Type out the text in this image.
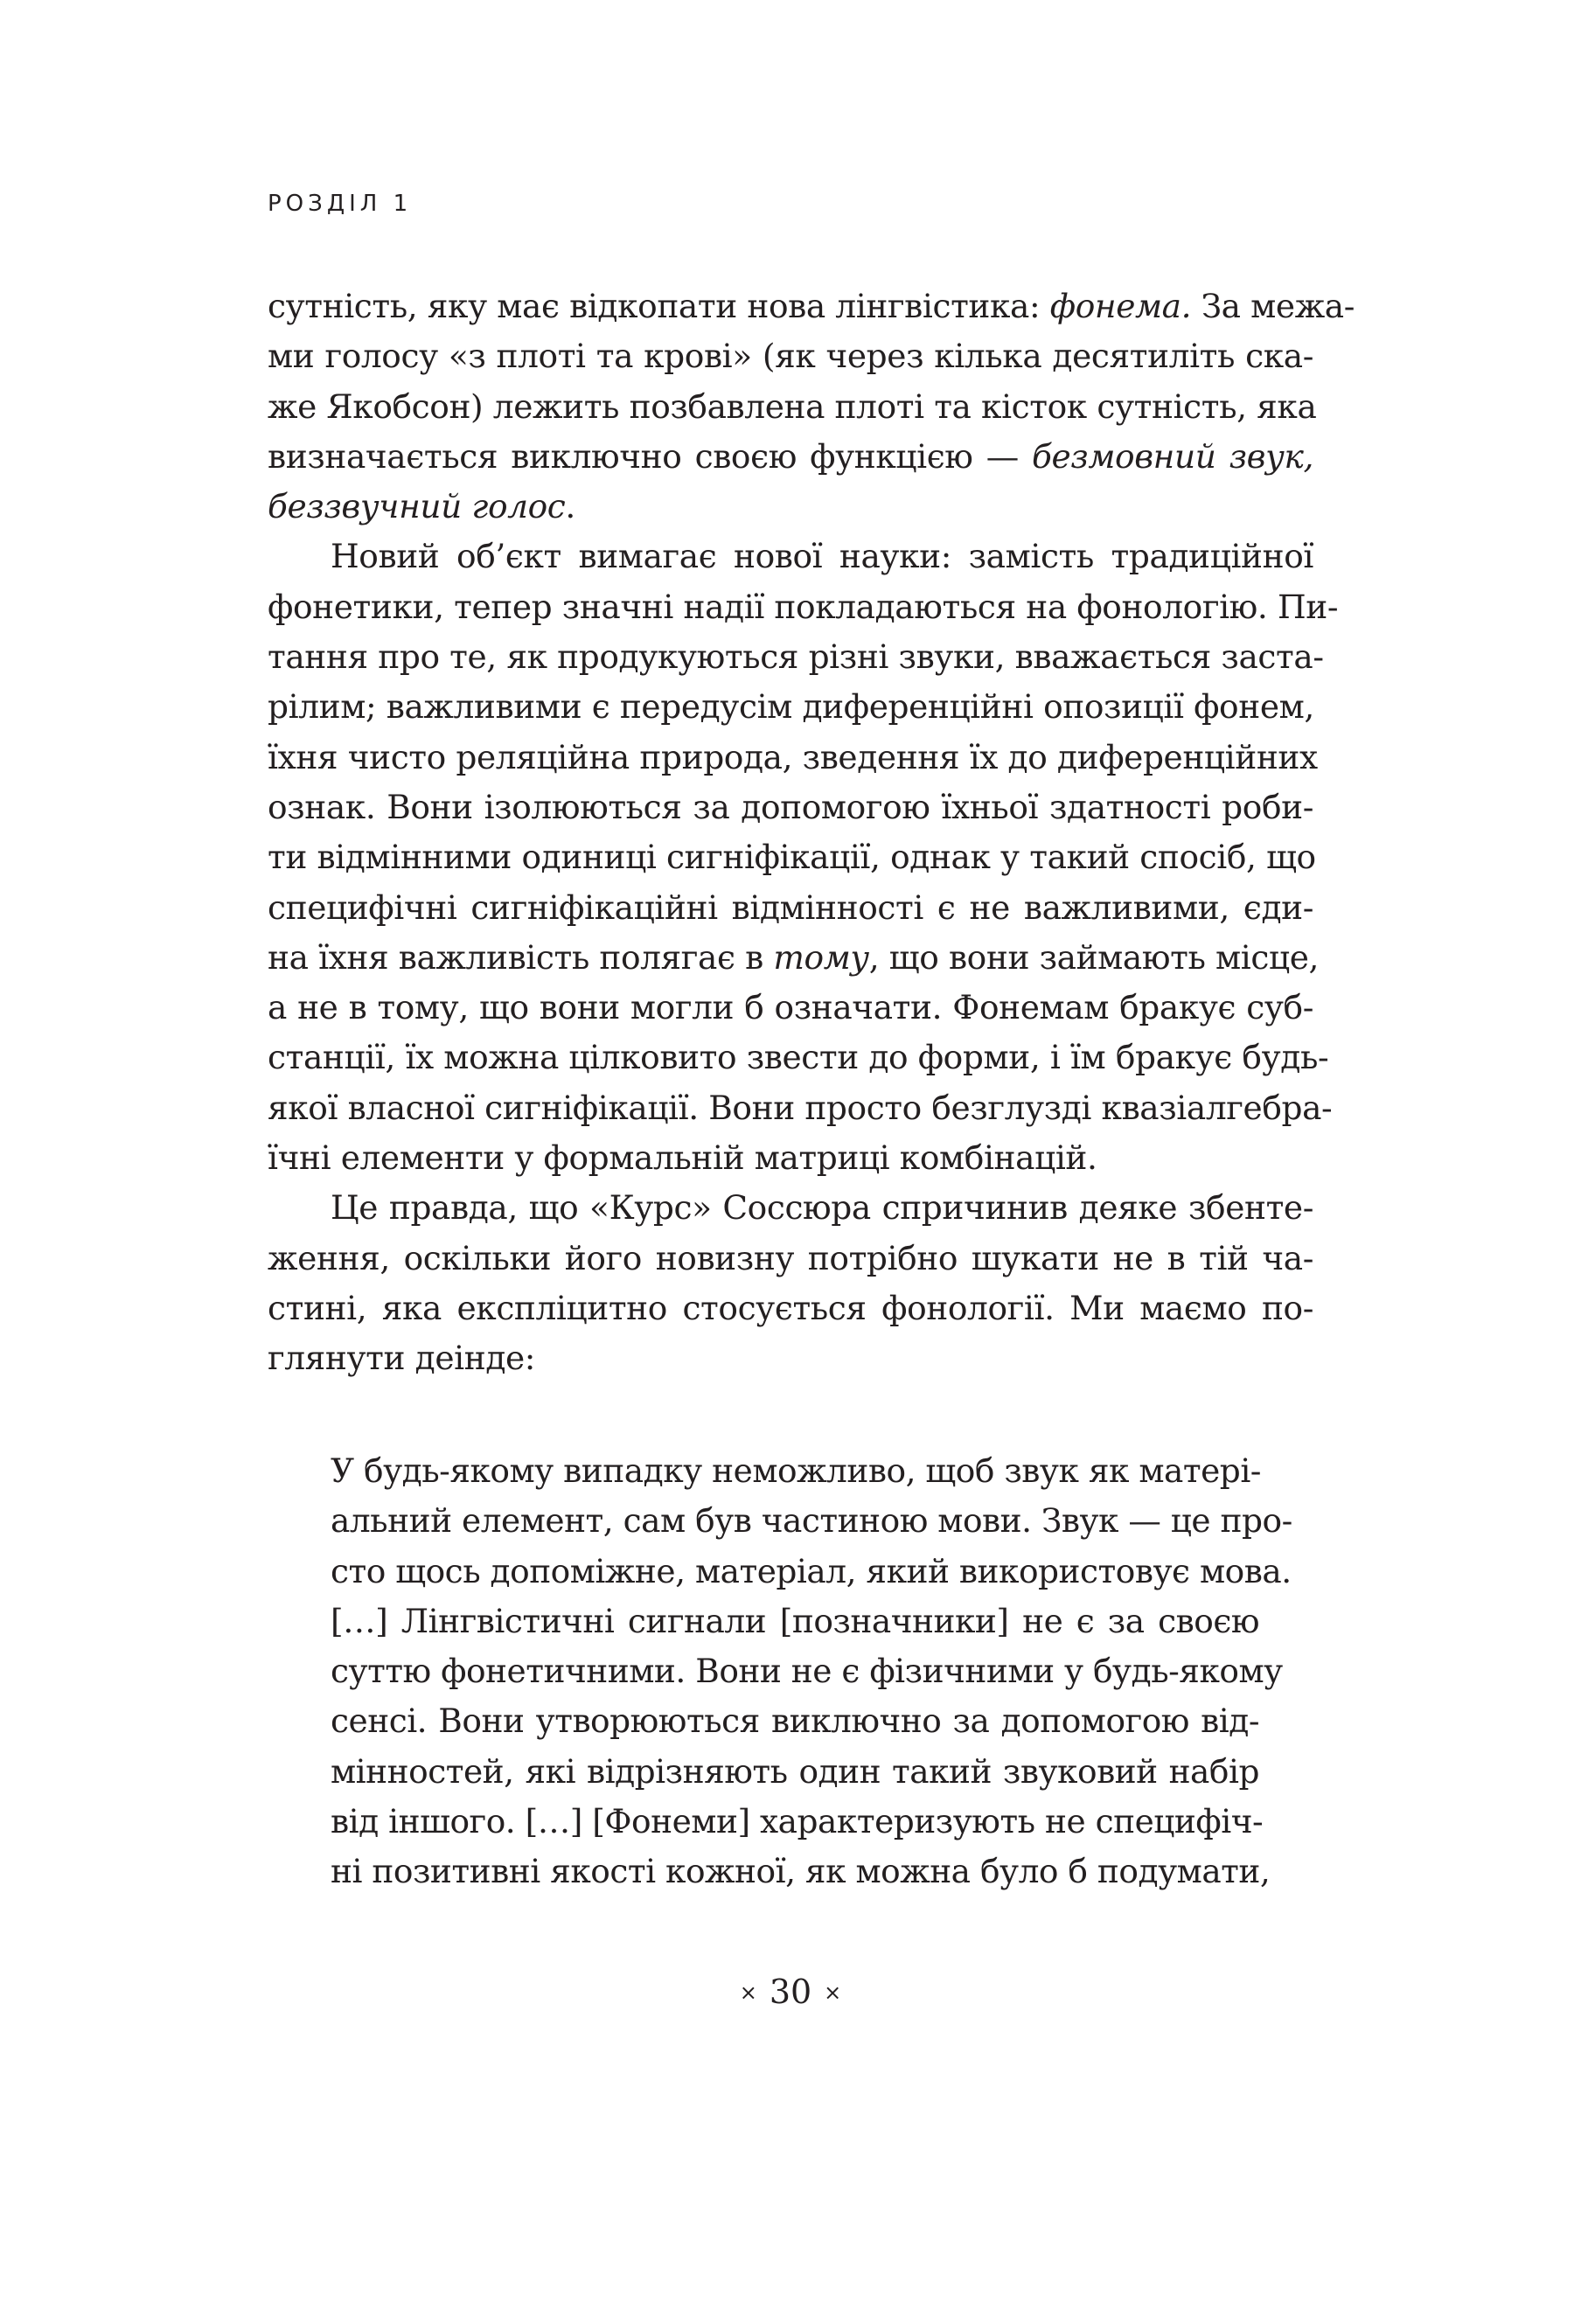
РОЗДІЛ 1
сутність, яку має відкопати нова лінгвістика: фонема. За межа-
ми голосу «з плоті та крові» (як через кілька десятиліть ска-
же Якобсон) лежить позбавлена плоті та кісток сутність, яка
визначається виключно своєю функцією — безмовний звук,
беззвучний голос.
Новий об’єкт вимагає нової науки: замість традиційної
фонетики, тепер значні надії покладаються на фонологію. Пи-
тання про те, як продукуються різні звуки, вважається заста-
рілим; важливими є передусім диференційні опозиції фонем,
їхня чисто реляційна природа, зведення їх до диференційних
ознак. Вони ізолюються за допомогою їхньої здатності роби-
ти відмінними одиниці сигніфікації, однак у такий спосіб, що
специфічні сигніфікаційні відмінності є не важливими, єди-
на їхня важливість полягає в тому, що вони займають місце,
а не в тому, що вони могли б означати. Фонемам бракує суб-
станції, їх можна цілковито звести до форми, і їм бракує будь-
якої власної сигніфікації. Вони просто безглузді квазіалгебра-
їчні елементи у формальній матриці комбінацій.
Це правда, що «Курс» Соссюра спричинив деяке збенте-
ження, оскільки його новизну потрібно шукати не в тій ча-
стині, яка експліцитно стосується фонології. Ми маємо по-
глянути деінде:
У будь-якому випадку неможливо, щоб звук як матері-
альний елемент, сам був частиною мови. Звук — це про-
сто щось допоміжне, матеріал, який використовує мова.
[…] Лінгвістичні сигнали [позначники] не є за своєю
суттю фонетичними. Вони не є фізичними у будь-якому
сенсі. Вони утворюються виключно за допомогою від-
мінностей, які відрізняють один такий звуковий набір
від іншого. […] [Фонеми] характеризують не специфіч-
ні позитивні якості кожної, як можна було б подумати,
× 30 ×
